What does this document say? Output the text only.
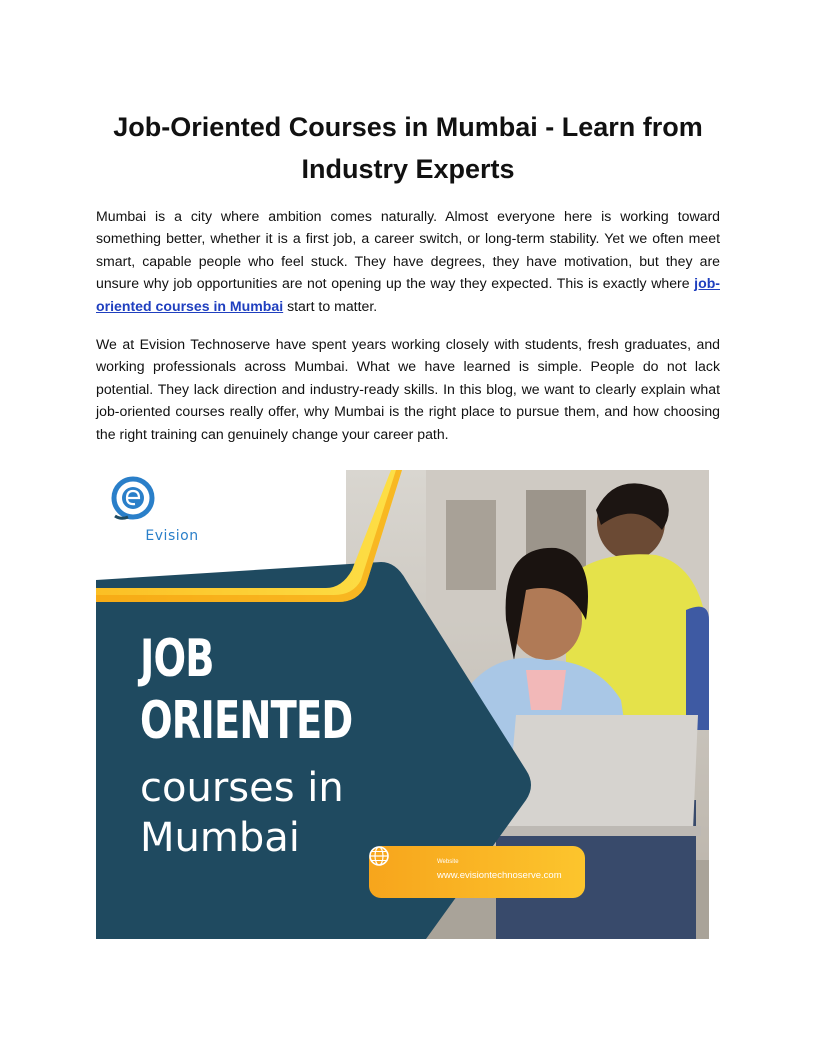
Job-Oriented Courses in Mumbai - Learn from Industry Experts

Mumbai is a city where ambition comes naturally. Almost everyone here is working toward something better, whether it is a first job, a career switch, or long-term stability. Yet we often meet smart, capable people who feel stuck. They have degrees, they have motivation, but they are unsure why job opportunities are not opening up the way they expected. This is exactly where job-oriented courses in Mumbai start to matter.

We at Evision Technoserve have spent years working closely with students, fresh graduates, and working professionals across Mumbai. What we have learned is simple. People do not lack potential. They lack direction and industry-ready skills. In this blog, we want to clearly explain what job-oriented courses really offer, why Mumbai is the right place to pursue them, and how choosing the right training can genuinely change your career path.

Evision
JOB
ORIENTED
courses in
Mumbai
Website
www.evisiontechnoserve.com
